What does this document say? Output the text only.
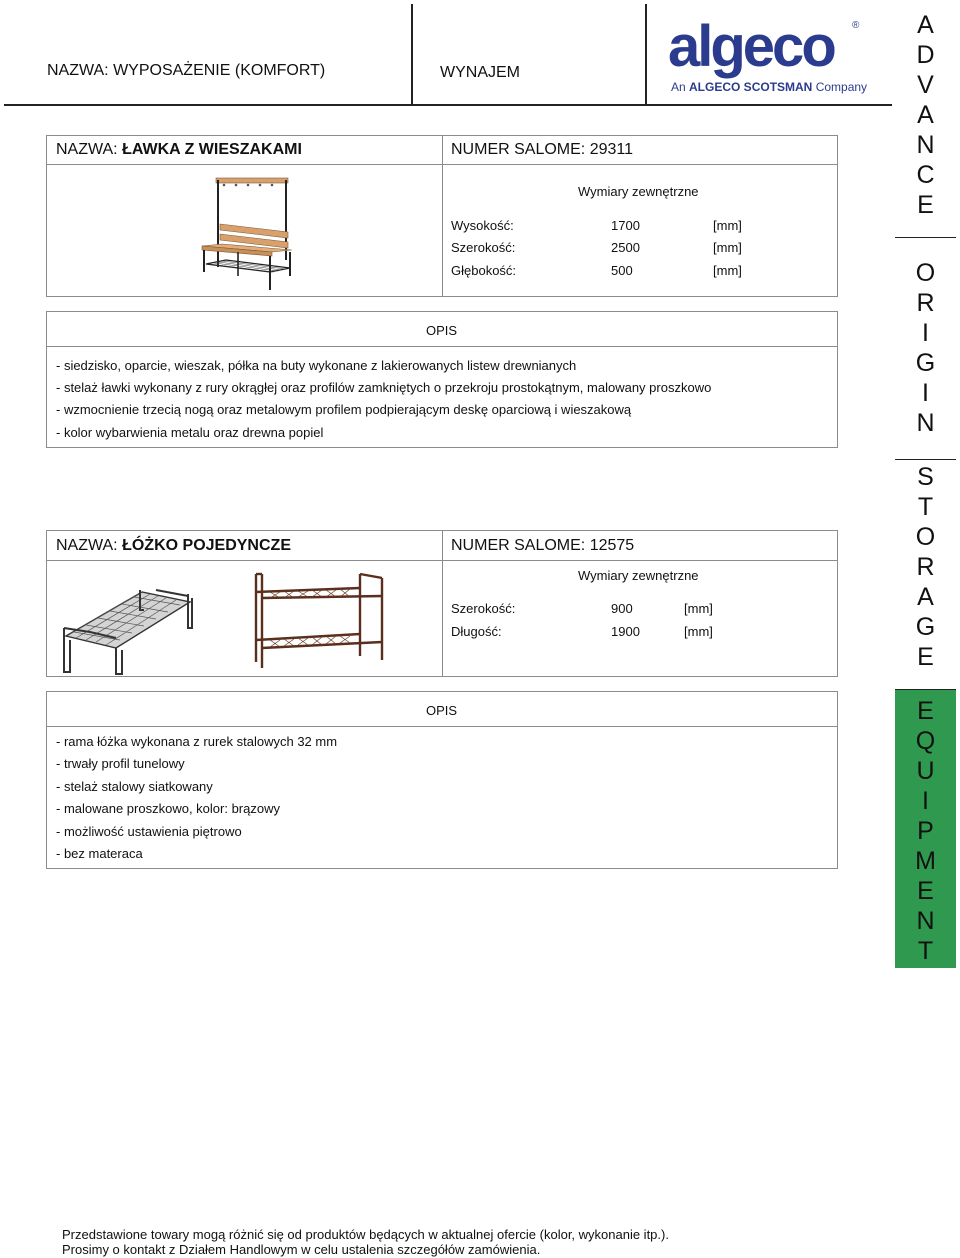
NAZWA: WYPOSAŻENIE (KOMFORT)	WYNAJEM	algeco ®
An ALGECO SCOTSMAN Company
NAZWA: ŁAWKA Z WIESZAKAMI	NUMER SALOME: 29311
Wymiary zewnętrzne
Wysokość:	1700	[mm]
Szerokość:	2500	[mm]
Głębokość:	500	[mm]
OPIS
- siedzisko, oparcie, wieszak, półka na buty wykonane z lakierowanych listew drewnianych
- stelaż ławki wykonany z rury okrągłej oraz profilów zamkniętych o przekroju prostokątnym, malowany proszkowo
- wzmocnienie trzecią nogą oraz metalowym profilem podpierającym deskę oparciową i wieszakową
- kolor wybarwienia metalu oraz drewna popiel
NAZWA: ŁÓŻKO POJEDYNCZE	NUMER SALOME: 12575
Wymiary zewnętrzne
Szerokość:	900	[mm]
Długość:	1900	[mm]
OPIS
- rama łóżka wykonana z rurek stalowych 32 mm
- trwały profil tunelowy
- stelaż stalowy siatkowany
- malowane proszkowo, kolor: brązowy
- możliwość ustawienia piętrowo
- bez materaca
A
D
V
A
N
C
E
O
R
I
G
I
N
S
T
O
R
A
G
E
E
Q
U
I
P
M
E
N
T
Przedstawione towary mogą różnić się od produktów będących w aktualnej ofercie (kolor, wykonanie itp.).
Prosimy o kontakt z Działem Handlowym w celu ustalenia szczegółów zamówienia.
